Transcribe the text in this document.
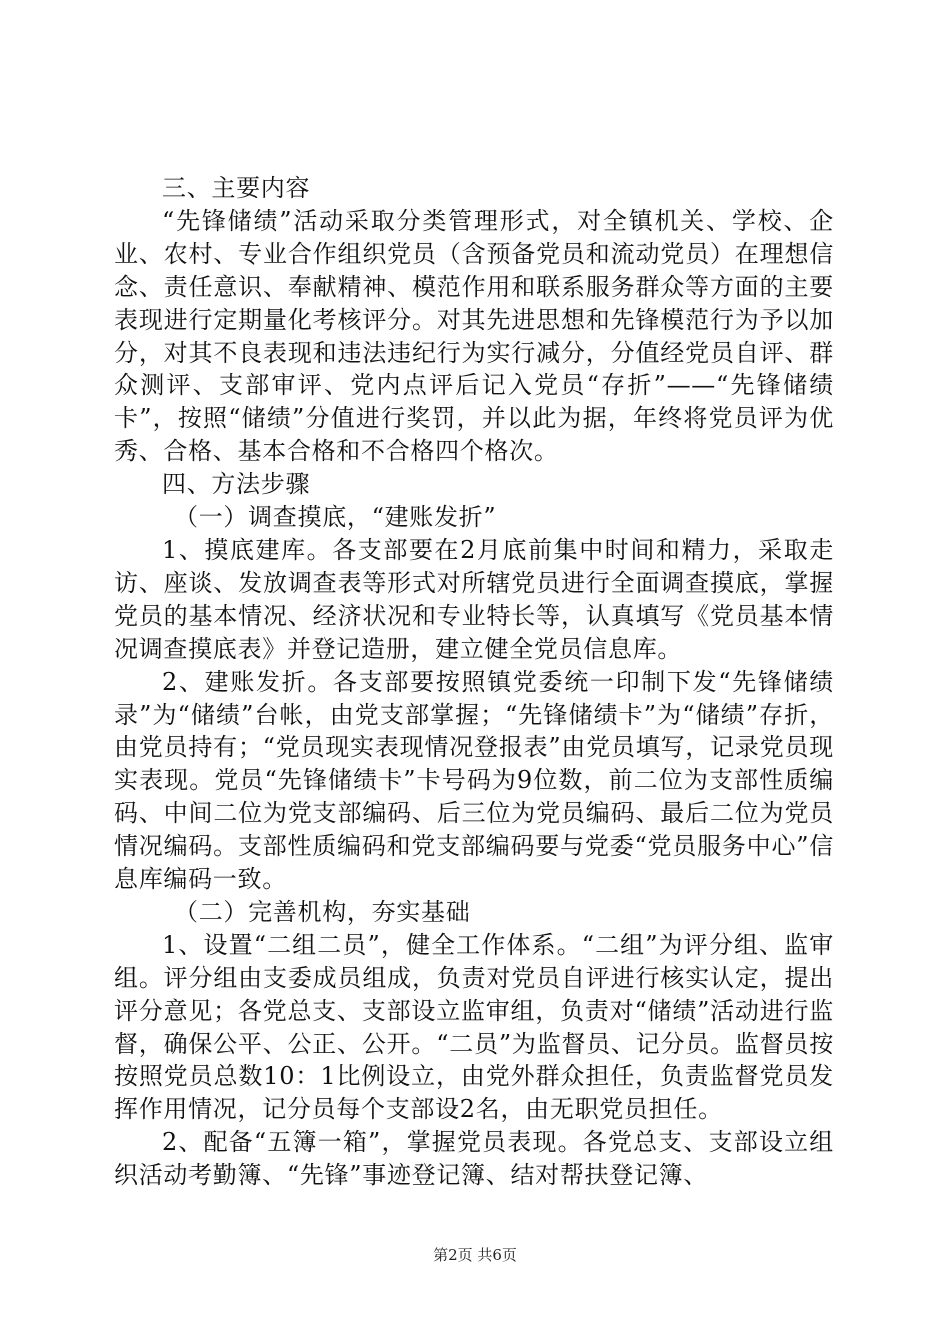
三、主要内容

“先锋储绩”活动采取分类管理形式，对全镇机关、学校、企业、农村、专业合作组织党员（含预备党员和流动党员）在理想信念、责任意识、奉献精神、模范作用和联系服务群众等方面的主要表现进行定期量化考核评分。对其先进思想和先锋模范行为予以加分，对其不良表现和违法违纪行为实行减分，分值经党员自评、群众测评、支部审评、党内点评后记入党员“存折”——“先锋储绩卡”，按照“储绩”分值进行奖罚，并以此为据，年终将党员评为优秀、合格、基本合格和不合格四个格次。

四、方法步骤

（一）调查摸底，“建账发折”

1、摸底建库。各支部要在2月底前集中时间和精力，采取走访、座谈、发放调查表等形式对所辖党员进行全面调查摸底，掌握党员的基本情况、经济状况和专业特长等，认真填写《党员基本情况调查摸底表》并登记造册，建立健全党员信息库。

2、建账发折。各支部要按照镇党委统一印制下发“先锋储绩录”为“储绩”台帐，由党支部掌握；“先锋储绩卡”为“储绩”存折，由党员持有；“党员现实表现情况登报表”由党员填写，记录党员现实表现。党员“先锋储绩卡”卡号码为9位数，前二位为支部性质编码、中间二位为党支部编码、后三位为党员编码、最后二位为党员情况编码。支部性质编码和党支部编码要与党委“党员服务中心”信息库编码一致。

（二）完善机构，夯实基础

1、设置“二组二员”，健全工作体系。“二组”为评分组、监审组。评分组由支委成员组成，负责对党员自评进行核实认定，提出评分意见；各党总支、支部设立监审组，负责对“储绩”活动进行监督，确保公平、公正、公开。“二员”为监督员、记分员。监督员按按照党员总数10：1比例设立，由党外群众担任，负责监督党员发挥作用情况，记分员每个支部设2名，由无职党员担任。

2、配备“五簿一箱”，掌握党员表现。各党总支、支部设立组织活动考勤簿、“先锋”事迹登记簿、结对帮扶登记簿、

第2页 共6页
